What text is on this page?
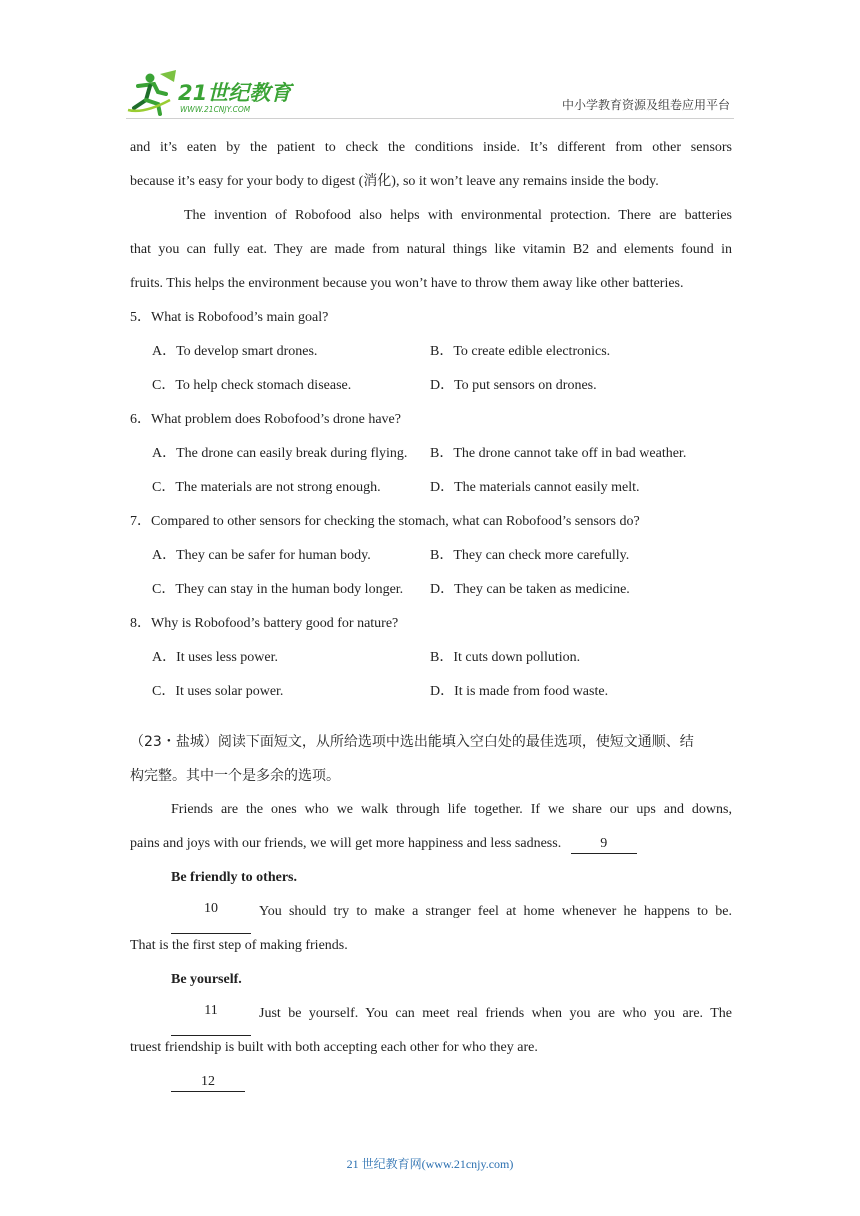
21世纪教育
WWW.21CNJY.COM	中小学教育资源及组卷应用平台
and it’s eaten by the patient to check the conditions inside. It’s different from other sensors
because it’s easy for your body to digest (消化), so it won’t leave any remains inside the body.
The invention of Robofood also helps with environmental protection. There are batteries
that you can fully eat. They are made from natural things like vitamin B2 and elements found in
fruits. This helps the environment because you won’t have to throw them away like other batteries.
5．What is Robofood’s main goal?
A．To develop smart drones.	B．To create edible electronics.
C．To help check stomach disease.	D．To put sensors on drones.
6．What problem does Robofood’s drone have?
A．The drone can easily break during flying.	B．The drone cannot take off in bad weather.
C．The materials are not strong enough.	D．The materials cannot easily melt.
7．Compared to other sensors for checking the stomach, what can Robofood’s sensors do?
A．They can be safer for human body.	B．They can check more carefully.
C．They can stay in the human body longer.	D．They can be taken as medicine.
8．Why is Robofood’s battery good for nature?
A．It uses less power.	B．It cuts down pollution.
C．It uses solar power.	D．It is made from food waste.
（23・盐城）阅读下面短文，从所给选项中选出能填入空白处的最佳选项，使短文通顺、结
构完整。其中一个是多余的选项。
Friends are the ones who we walk through life together. If we share our ups and downs,
pains and joys with our friends, we will get more happiness and less sadness.	9
Be friendly to others.
10	You should try to make a stranger feel at home whenever he happens to be.
That is the first step of making friends.
Be yourself.
11	Just be yourself. You can meet real friends when you are who you are. The
truest friendship is built with both accepting each other for who they are.
12
21 世纪教育网(www.21cnjy.com)
